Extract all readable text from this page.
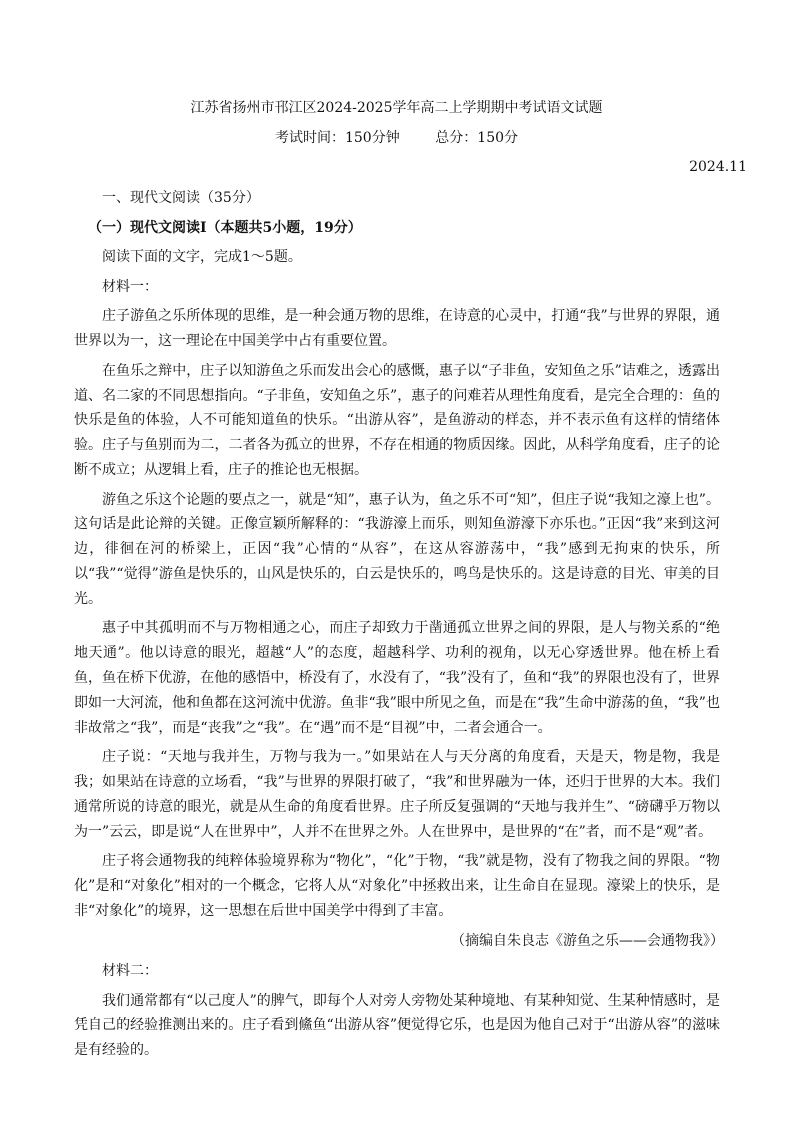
江苏省扬州市邗江区2024-2025学年高二上学期期中考试语文试题
考试时间：150分钟        总分：150分
2024.11

一、现代文阅读（35分）

（一）现代文阅读Ⅰ（本题共5小题，19分）

阅读下面的文字，完成1～5题。

材料一：

庄子游鱼之乐所体现的思维，是一种会通万物的思维，在诗意的心灵中，打通“我”与世界的界限，通世界以为一，这一理论在中国美学中占有重要位置。

在鱼乐之辩中，庄子以知游鱼之乐而发出会心的感慨，惠子以“子非鱼，安知鱼之乐”诘难之，透露出道、名二家的不同思想指向。“子非鱼，安知鱼之乐”，惠子的问难若从理性角度看，是完全合理的：鱼的快乐是鱼的体验，人不可能知道鱼的快乐。“出游从容”，是鱼游动的样态，并不表示鱼有这样的情绪体验。庄子与鱼别而为二，二者各为孤立的世界，不存在相通的物质因缘。因此，从科学角度看，庄子的论断不成立；从逻辑上看，庄子的推论也无根据。

游鱼之乐这个论题的要点之一，就是“知”，惠子认为，鱼之乐不可“知”，但庄子说“我知之濠上也”。这句话是此论辩的关键。正像宣颖所解释的：“我游濠上而乐，则知鱼游濠下亦乐也。”正因“我”来到这河边，徘徊在河的桥梁上，正因“我”心情的“从容”，在这从容游荡中，“我”感到无拘束的快乐，所以“我”“觉得”游鱼是快乐的，山风是快乐的，白云是快乐的，鸣鸟是快乐的。这是诗意的目光、审美的目光。

惠子中其孤明而不与万物相通之心，而庄子却致力于凿通孤立世界之间的界限，是人与物关系的“绝地天通”。他以诗意的眼光，超越“人”的态度，超越科学、功利的视角，以无心穿透世界。他在桥上看鱼，鱼在桥下优游，在他的感悟中，桥没有了，水没有了，“我”没有了，鱼和“我”的界限也没有了，世界即如一大河流，他和鱼都在这河流中优游。鱼非“我”眼中所见之鱼，而是在“我”生命中游荡的鱼，“我”也非故常之“我”，而是“丧我”之“我”。在“遇”而不是“目视”中，二者会通合一。

庄子说：“天地与我并生，万物与我为一。”如果站在人与天分离的角度看，天是天，物是物，我是我；如果站在诗意的立场看，“我”与世界的界限打破了，“我”和世界融为一体，还归于世界的大本。我们通常所说的诗意的眼光，就是从生命的角度看世界。庄子所反复强调的“天地与我并生”、“磅礴乎万物以为一”云云，即是说“人在世界中”，人并不在世界之外。人在世界中，是世界的“在”者，而不是“观”者。

庄子将会通物我的纯粹体验境界称为“物化”，“化”于物，“我”就是物，没有了物我之间的界限。“物化”是和“对象化”相对的一个概念，它将人从“对象化”中拯救出来，让生命自在显现。濠梁上的快乐，是非“对象化”的境界，这一思想在后世中国美学中得到了丰富。

（摘编自朱良志《游鱼之乐——会通物我》）

材料二：

我们通常都有“以己度人”的脾气，即每个人对旁人旁物处某种境地、有某种知觉、生某种情感时，是凭自己的经验推测出来的。庄子看到鯈鱼“出游从容”便觉得它乐，也是因为他自己对于“出游从容”的滋味是有经验的。
